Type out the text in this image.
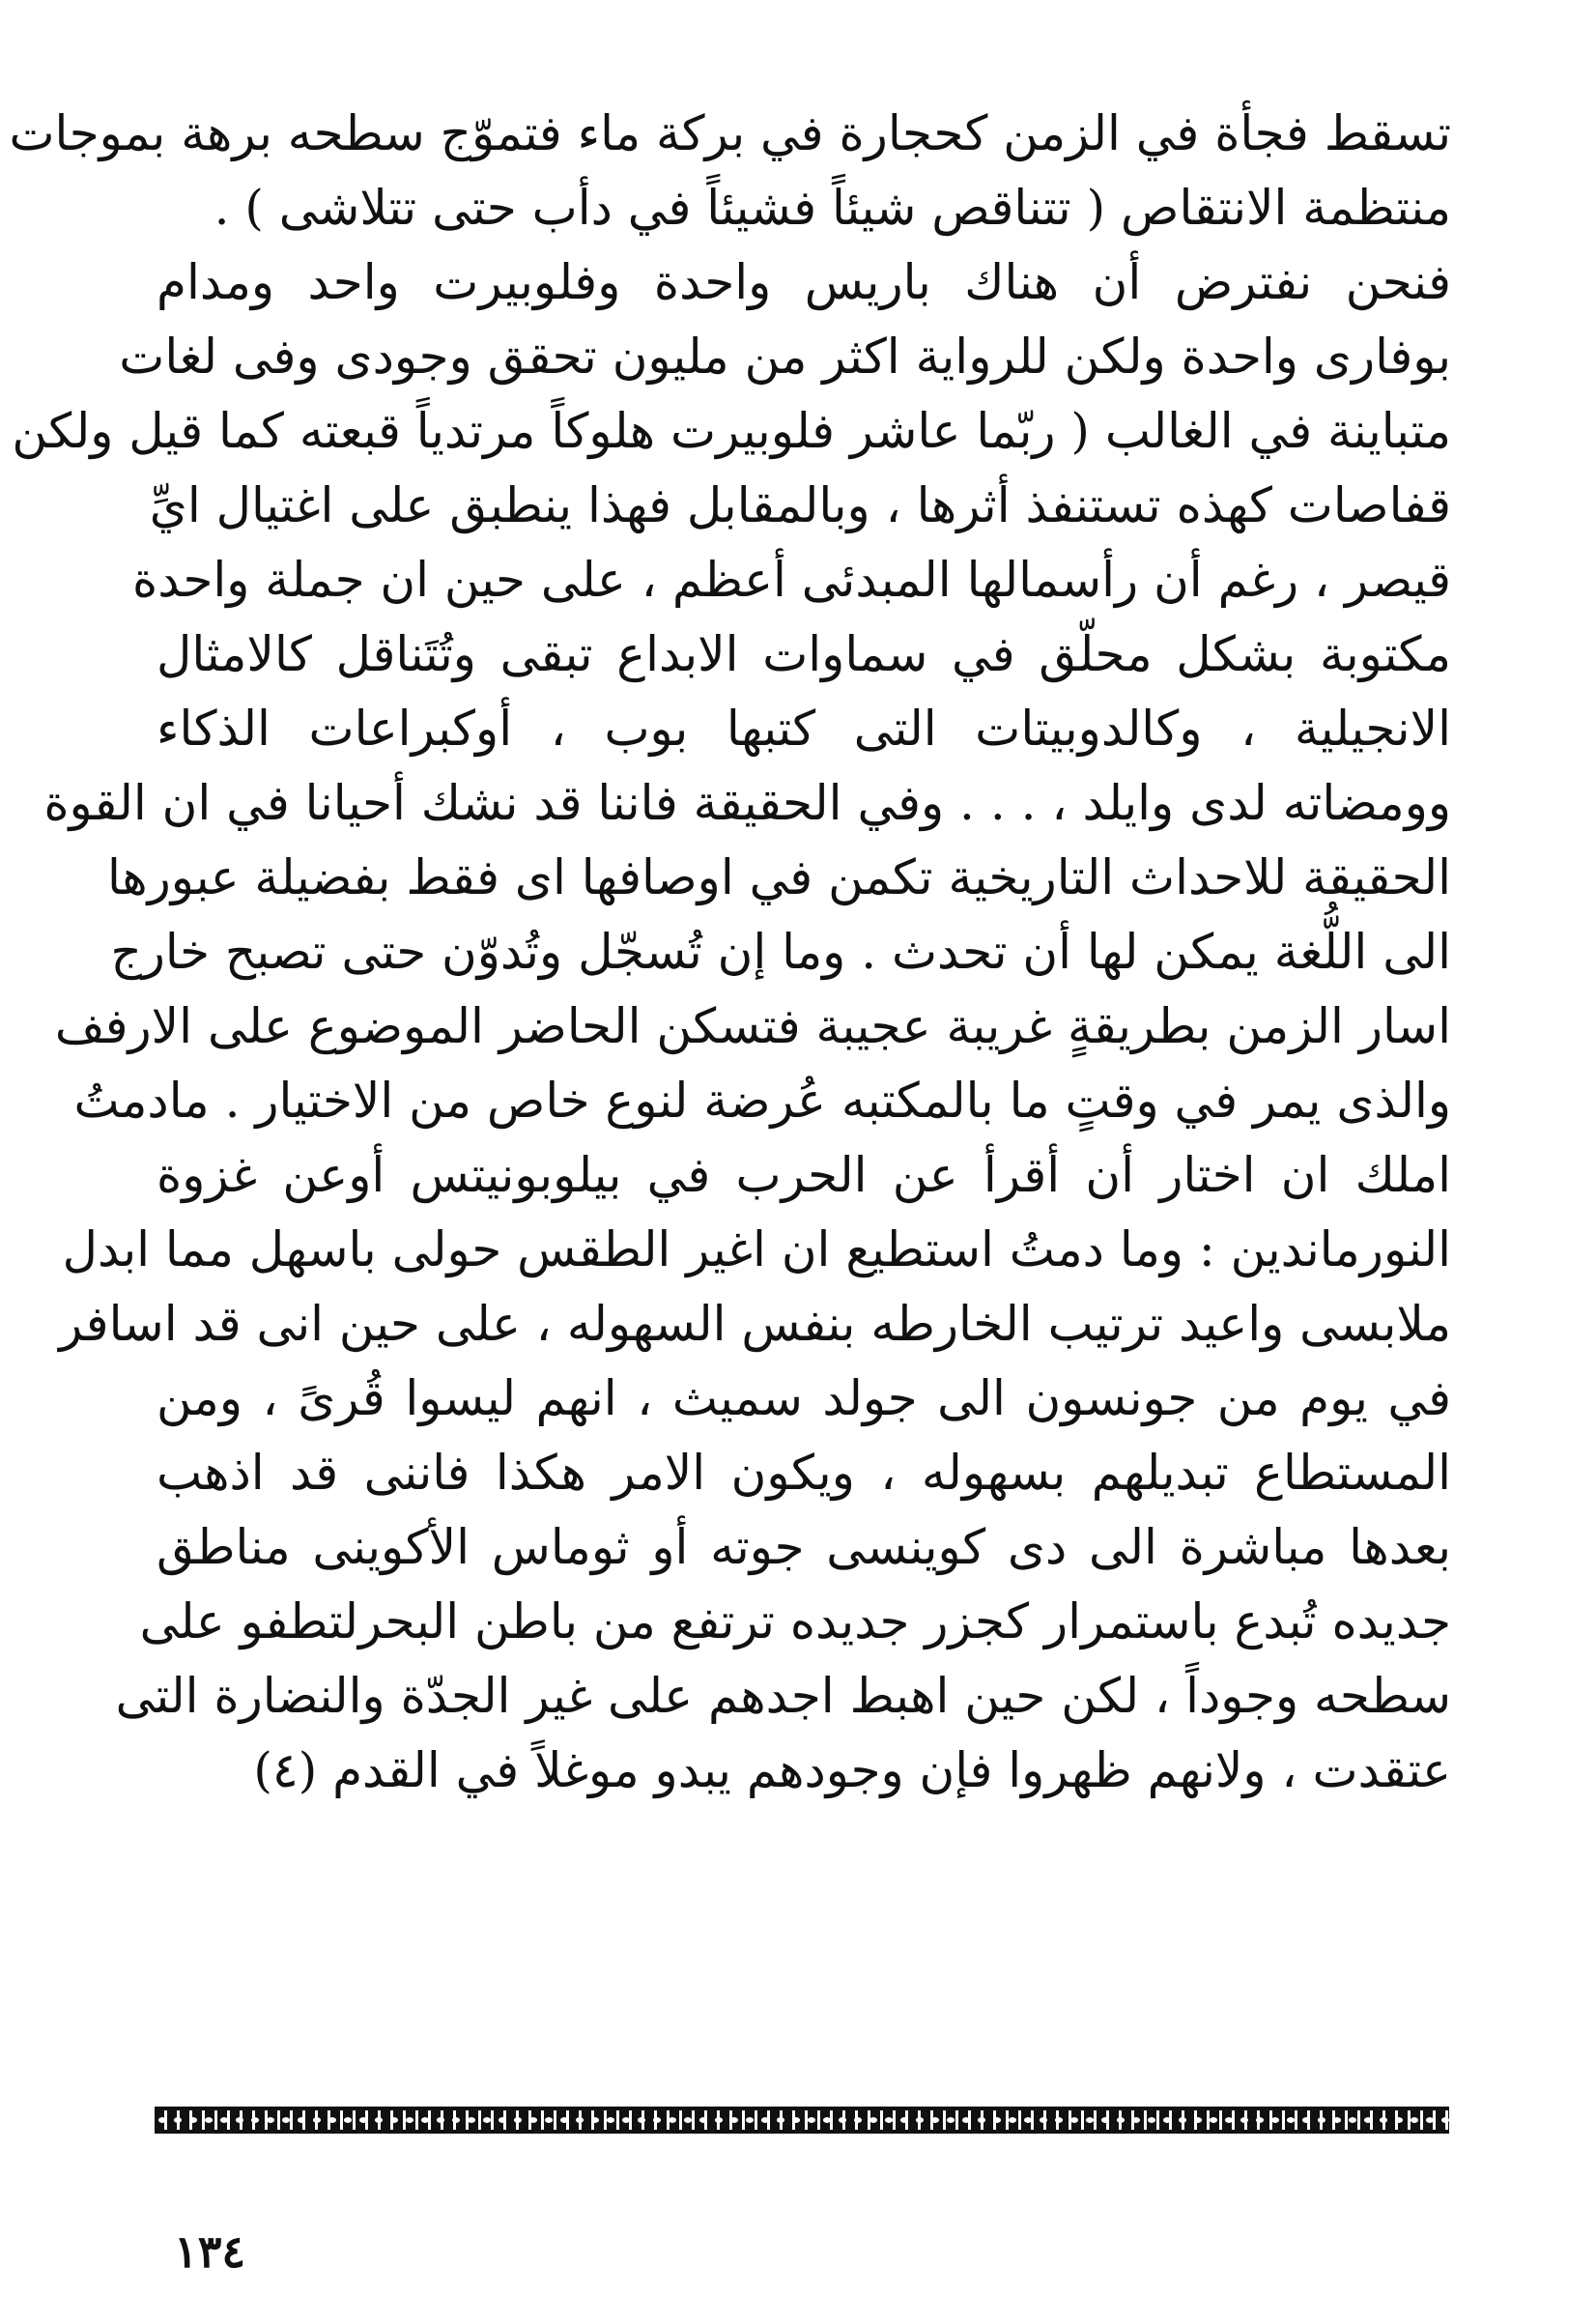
تسقط فجأة في الزمن كحجارة في بركة ماء فتموّج سطحه برهة بموجات
منتظمة الانتقاص ( تتناقص شيئاً فشيئاً في دأب حتى تتلاشى ) .
فنحن نفترض أن هناك باريس واحدة وفلوبيرت واحد ومدام
بوفارى واحدة ولكن للرواية اكثر من مليون تحقق وجودى وفى لغات
متباينة في الغالب ( ربّما عاشر فلوبيرت هلوكاً مرتدياً قبعته كما قيل ولكن
قفاصات كهذه تستنفذ أثرها ، وبالمقابل فهذا ينطبق على اغتيال ايِّ
قيصر ، رغم أن رأسمالها المبدئى أعظم ، على حين ان جملة واحدة
مكتوبة بشكل محلّق في سماوات الابداع تبقى وتُتَناقل كالامثال
الانجيلية ، وكالدوبيتات التى كتبها بوب ، أوكبراعات الذكاء
وومضاته لدى وايلد ، . . . وفي الحقيقة فاننا قد نشك أحيانا في ان القوة
الحقيقة للاحداث التاريخية تكمن في اوصافها اى فقط بفضيلة عبورها
الى اللُّغة يمكن لها أن تحدث . وما إن تُسجّل وتُدوّن حتى تصبح خارج
اسار الزمن بطريقةٍ غريبة عجيبة فتسكن الحاضر الموضوع على الارفف
والذى يمر في وقتٍ ما بالمكتبه عُرضة لنوع خاص من الاختيار . مادمتُ
املك ان اختار أن أقرأ عن الحرب في بيلوبونيتس أوعن غزوة
النورماندين : وما دمتُ استطيع ان اغير الطقس حولى باسهل مما ابدل
ملابسى واعيد ترتيب الخارطه بنفس السهوله ، على حين انى قد اسافر
في يوم من جونسون الى جولد سميث ، انهم ليسوا قُرىً ، ومن
المستطاع تبديلهم بسهوله ، ويكون الامر هكذا فاننى قد اذهب
بعدها مباشرة الى دى كوينسى جوته أو ثوماس الأكوينى مناطق
جديده تُبدع باستمرار كجزر جديده ترتفع من باطن البحرلتطفو على
سطحه وجوداً ، لكن حين اهبط اجدهم على غير الجدّة والنضارة التى
عتقدت ، ولانهم ظهروا فإن وجودهم يبدو موغلاً في القدم (٤)
١٣٤
